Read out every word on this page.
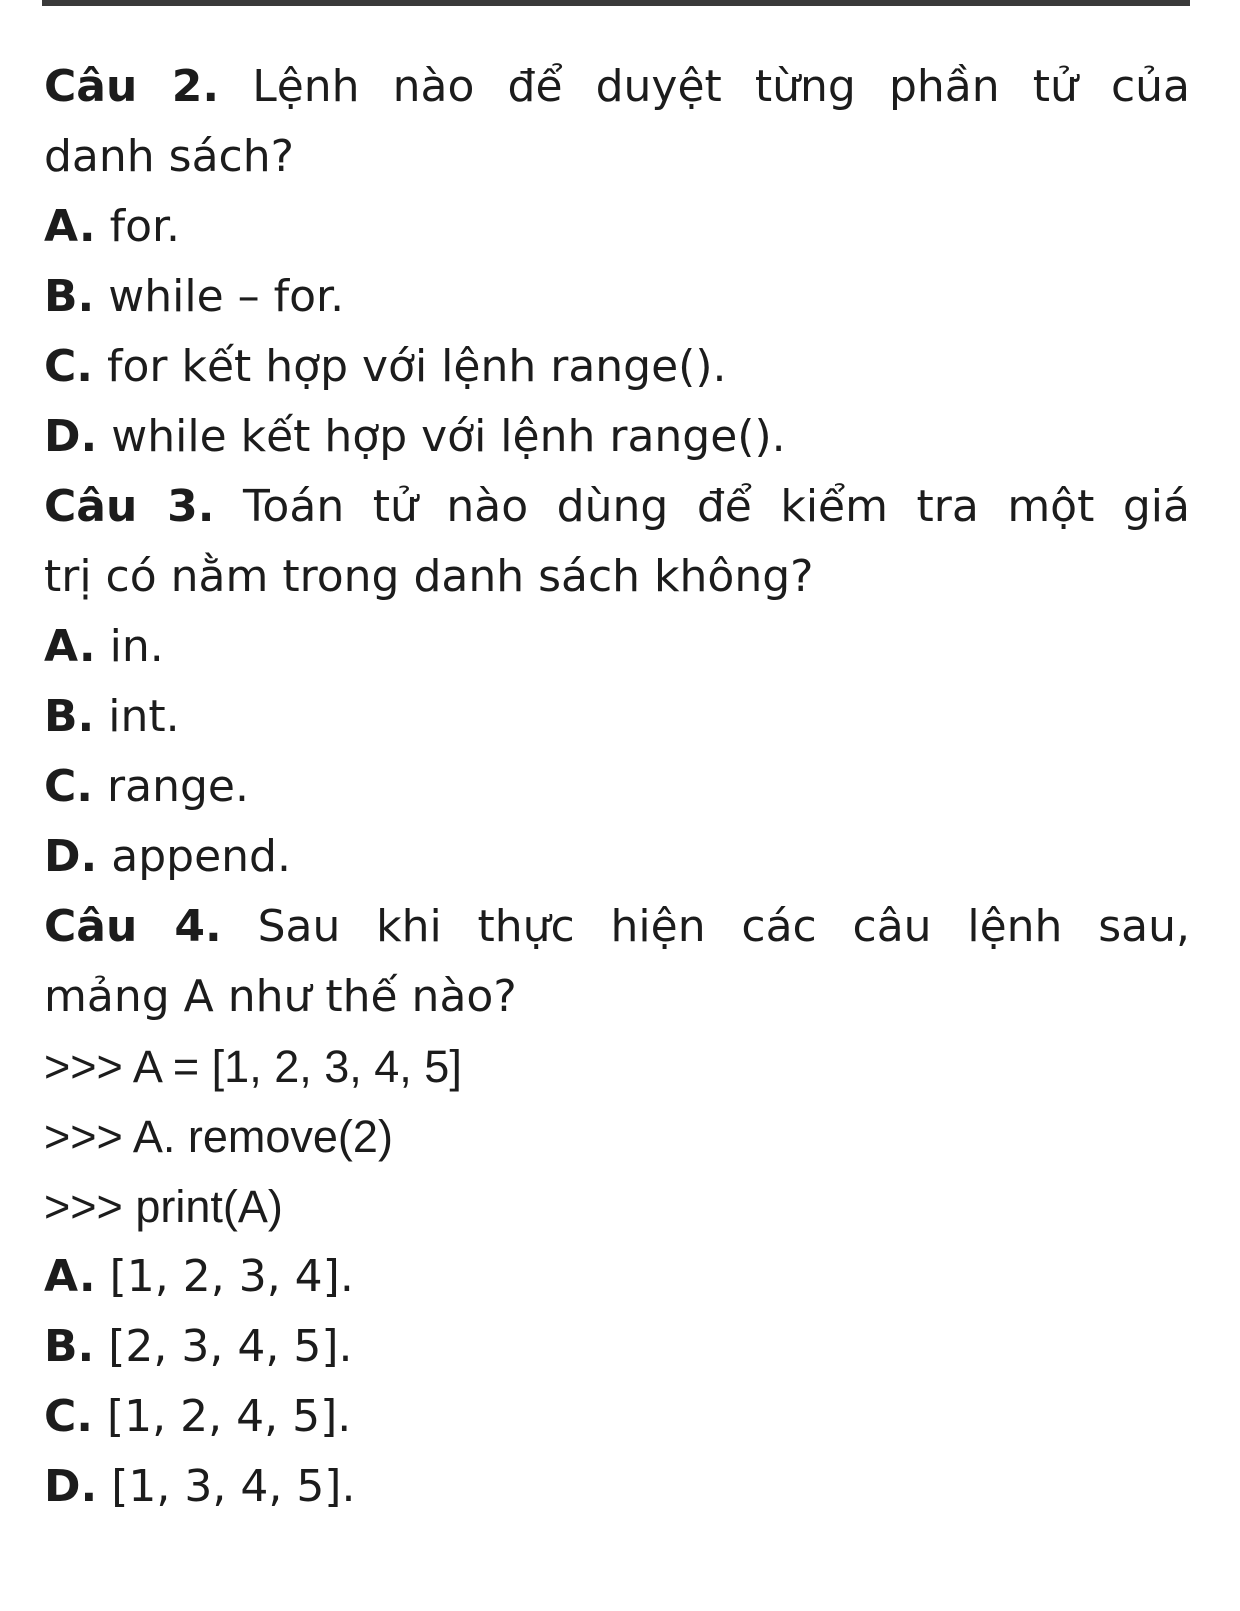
Câu 2. Lệnh nào để duyệt từng phần tử của
danh sách?
A. for.
B. while – for.
C. for kết hợp với lệnh range().
D. while kết hợp với lệnh range().
Câu 3. Toán tử nào dùng để kiểm tra một giá
trị có nằm trong danh sách không?
A. in.
B. int.
C. range.
D. append.
Câu 4. Sau khi thực hiện các câu lệnh sau,
mảng A như thế nào?
>>> A = [1, 2, 3, 4, 5]
>>> A. remove(2)
>>> print(A)
A. [1, 2, 3, 4].
B. [2, 3, 4, 5].
C. [1, 2, 4, 5].
D. [1, 3, 4, 5].
